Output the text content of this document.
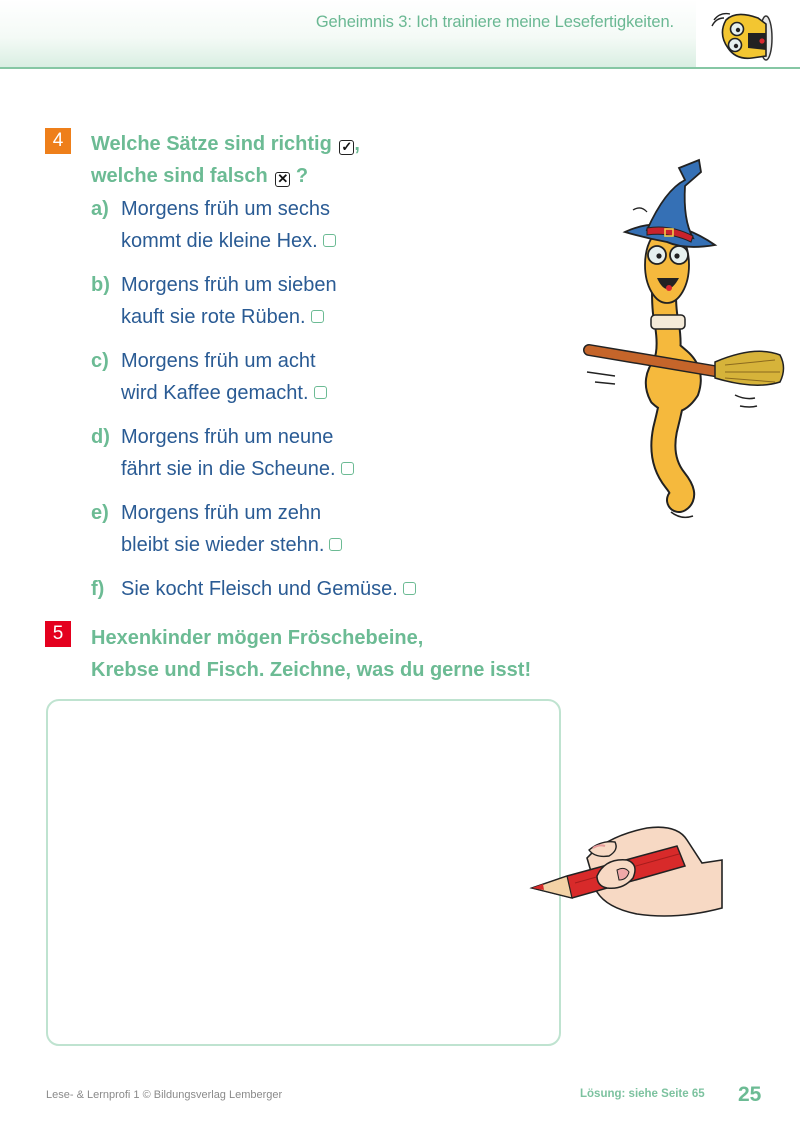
Geheimnis 3: Ich trainiere meine Lesefertigkeiten.
4	Welche Sätze sind richtig ✓ ,
welche sind falsch ✕ ?
a) Morgens früh um sechs
kommt die kleine Hex.
b) Morgens früh um sieben
kauft sie rote Rüben.
c) Morgens früh um acht
wird Kaffee gemacht.
d) Morgens früh um neune
fährt sie in die Scheune.
e) Morgens früh um zehn
bleibt sie wieder stehn.
f) Sie kocht Fleisch und Gemüse.
5	Hexenkinder mögen Fröschebeine,
Krebse und Fisch. Zeichne, was du gerne isst!
Lese- & Lernprofi 1 © Bildungsverlag Lemberger	Lösung: siehe Seite 65 25
